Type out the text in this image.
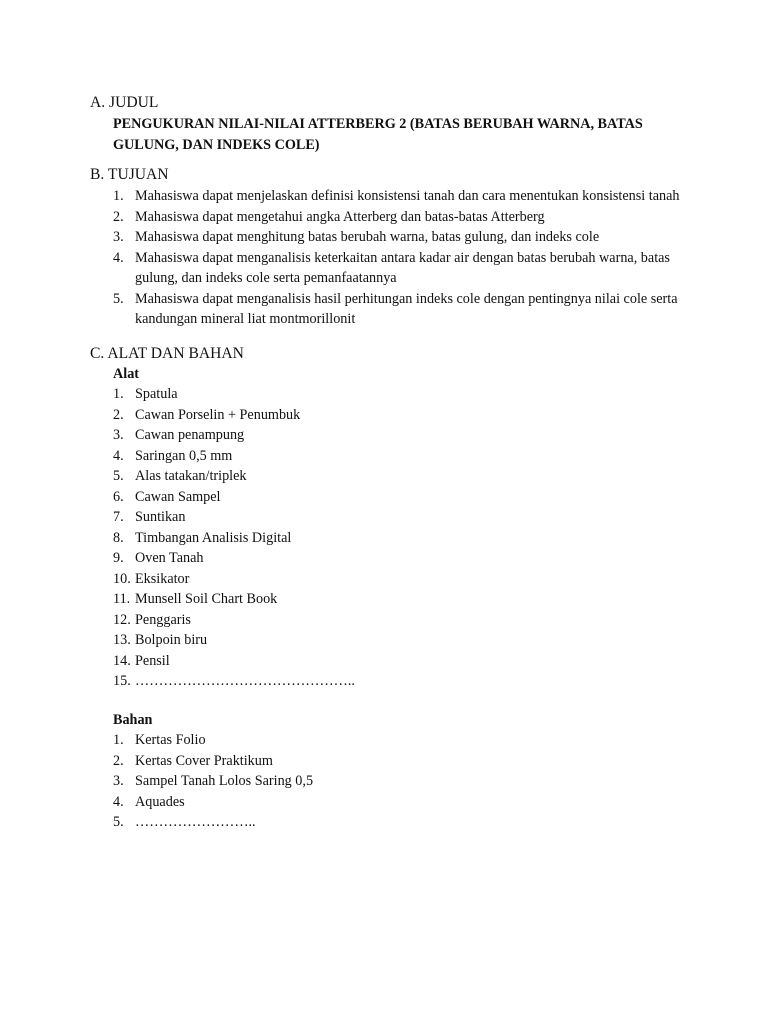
A. JUDUL
PENGUKURAN NILAI-NILAI ATTERBERG 2 (BATAS BERUBAH WARNA, BATAS
GULUNG, DAN INDEKS COLE)
B. TUJUAN
1. Mahasiswa dapat menjelaskan definisi konsistensi tanah dan cara menentukan konsistensi tanah
2. Mahasiswa dapat mengetahui angka Atterberg dan batas-batas Atterberg
3. Mahasiswa dapat menghitung batas berubah warna, batas gulung, dan indeks cole
4. Mahasiswa dapat menganalisis keterkaitan antara kadar air dengan batas berubah warna, batas gulung, dan indeks cole serta pemanfaatannya
5. Mahasiswa dapat menganalisis hasil perhitungan indeks cole dengan pentingnya nilai cole serta kandungan mineral liat montmorillonit
C. ALAT DAN BAHAN
Alat
1. Spatula
2. Cawan Porselin + Penumbuk
3. Cawan penampung
4. Saringan 0,5 mm
5. Alas tatakan/triplek
6. Cawan Sampel
7. Suntikan
8. Timbangan Analisis Digital
9. Oven Tanah
10. Eksikator
11. Munsell Soil Chart Book
12. Penggaris
13. Bolpoin biru
14. Pensil
15. ………………………………………..
Bahan
1. Kertas Folio
2. Kertas Cover Praktikum
3. Sampel Tanah Lolos Saring 0,5
4. Aquades
5. ……………………..
